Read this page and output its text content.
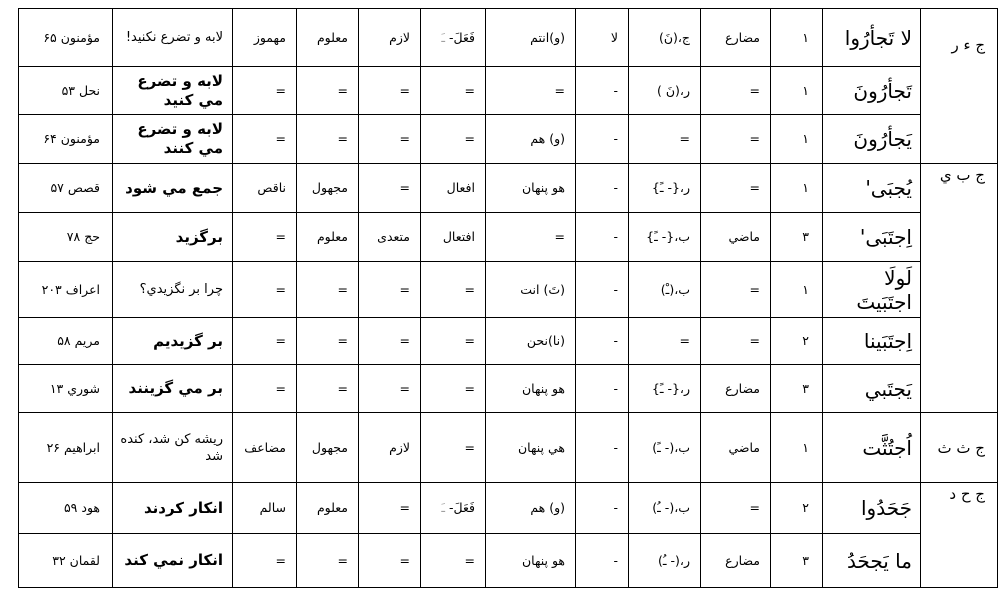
ج ء ر	لا تَجأرُوا	١	مضارع	ج،(نَ)	لا	(و)انتم	فَعَلَ- ـَ	لازم	معلوم	مهموز	لابه و تضرع نكنيد!	مؤمنون ۶۵
	تَجأرُونَ	١	=	ر،(نَ )	-	=	=	=	=	=	لابه و تضرع مي كنيد	نحل ۵۳
	يَجأرُونَ	١	=	=	-	(و) هم	=	=	=	=	لابه و تضرع مي كنند	مؤمنون ۶۴
ج ب ي	يُجبَى'	١	=	ر،{- ـً}	-	هو پنهان	افعال	=	مجهول	ناقص	جمع مي شود	قصص ۵۷
	اِجتَبَى'	٣	ماضي	ب،{- ـً}	-	=	افتعال	متعدى	معلوم	=	برگزيد	حج ۷۸
	لَولَا اجتَبَيتَ	١	=	ب،(ـْ)	-	(تَ) انت	=	=	=	=	چرا بر نگزيدي؟	اعراف ۲۰۳
	اِجتَبَينا	٢	=	=	-	(نا)نحن	=	=	=	=	بر گزيديم	مريم ۵۸
	يَجتَبي	٣	مضارع	ر،{- ـً}	-	هو پنهان	=	=	=	=	بر مي گزينند	شوري ۱۳
ج ث ث	اُجتُثَّت	١	ماضي	ب،(- ـً)	-	هي پنهان	=	لازم	مجهول	مضاعف	ريشه كن شد، كنده شد	ابراهيم ۲۶
ج ح د	جَحَدُوا	٢	=	ب،(- ـُ)	-	(و) هم	فَعَلَ- ـَ	=	معلوم	سالم	انكار كردند	هود ۵۹
	ما يَجحَدُ	٣	مضارع	ر،(- ـُ)	-	هو پنهان	=	=	=	=	انكار نمي كند	لقمان ۳۲
